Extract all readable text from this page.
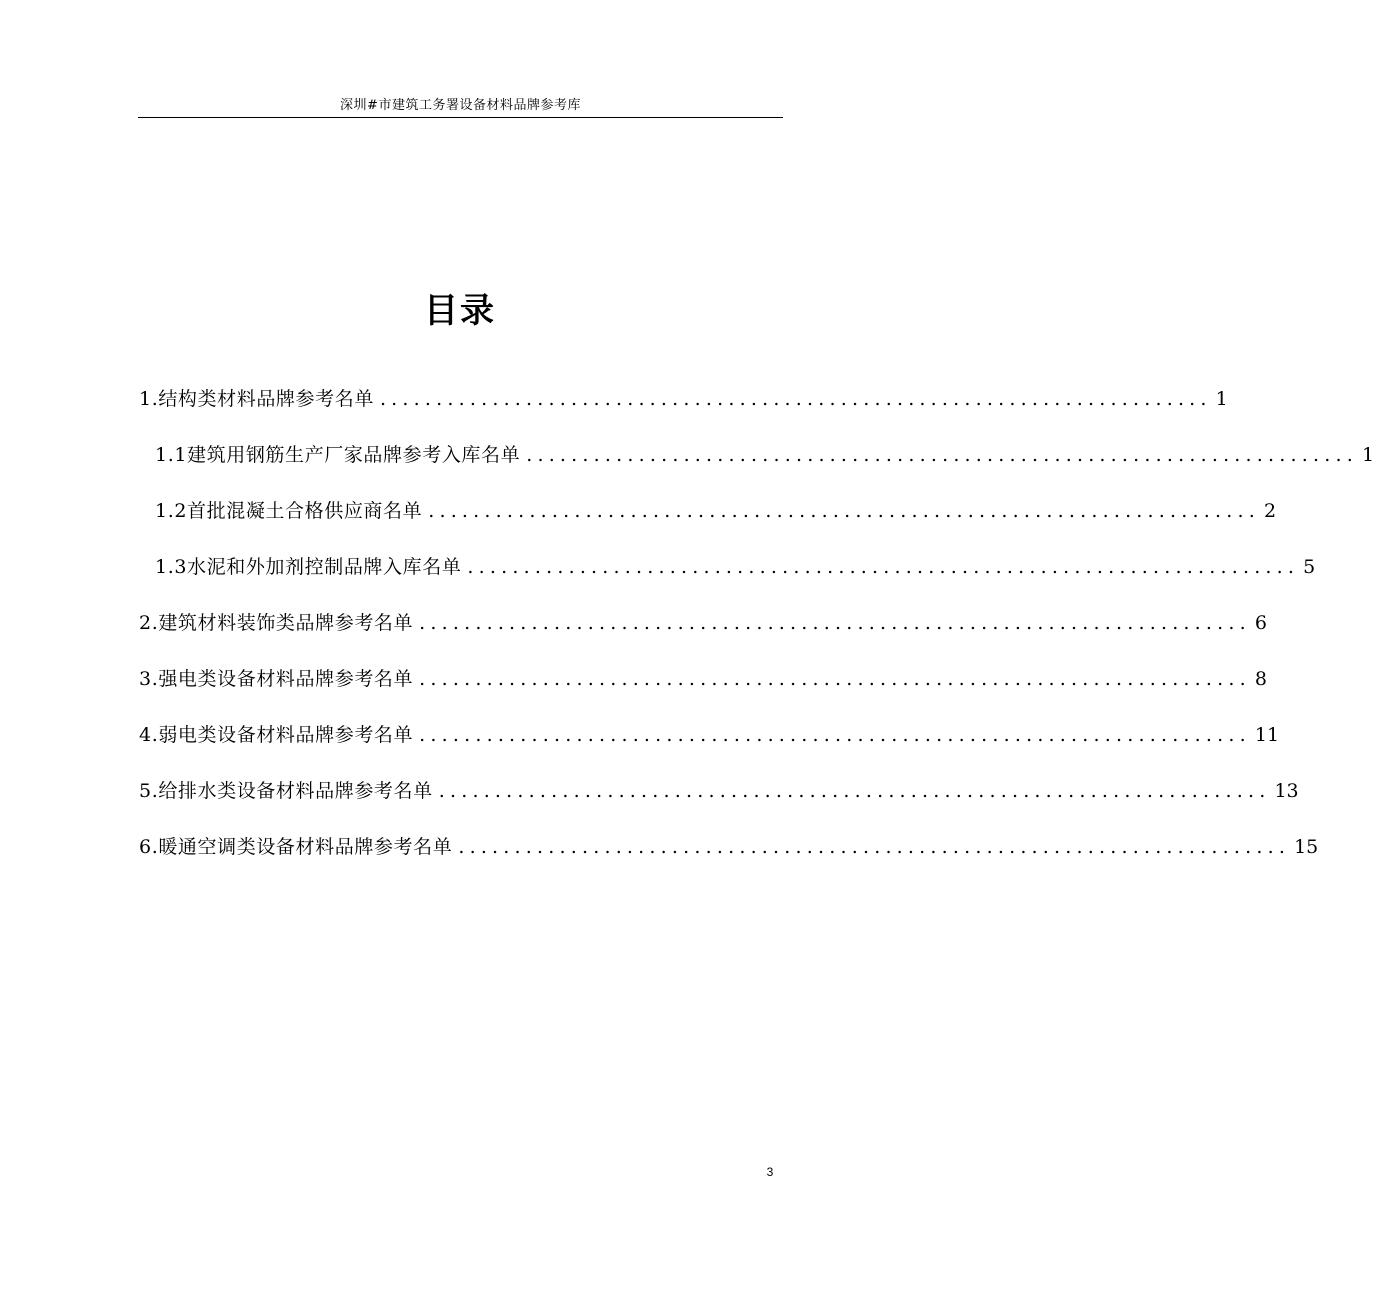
深圳#市建筑工务署设备材料品牌参考库
目录
1.结构类材料品牌参考名单 .......................................................................... 1
1.1建筑用钢筋生产厂家品牌参考入库名单 .......................................................................... 1
1.2首批混凝土合格供应商名单 .......................................................................... 2
1.3水泥和外加剂控制品牌入库名单 .......................................................................... 5
2.建筑材料装饰类品牌参考名单 .......................................................................... 6
3.强电类设备材料品牌参考名单 .......................................................................... 8
4.弱电类设备材料品牌参考名单 .......................................................................... 11
5.给排水类设备材料品牌参考名单 .......................................................................... 13
6.暖通空调类设备材料品牌参考名单 .......................................................................... 15
3
